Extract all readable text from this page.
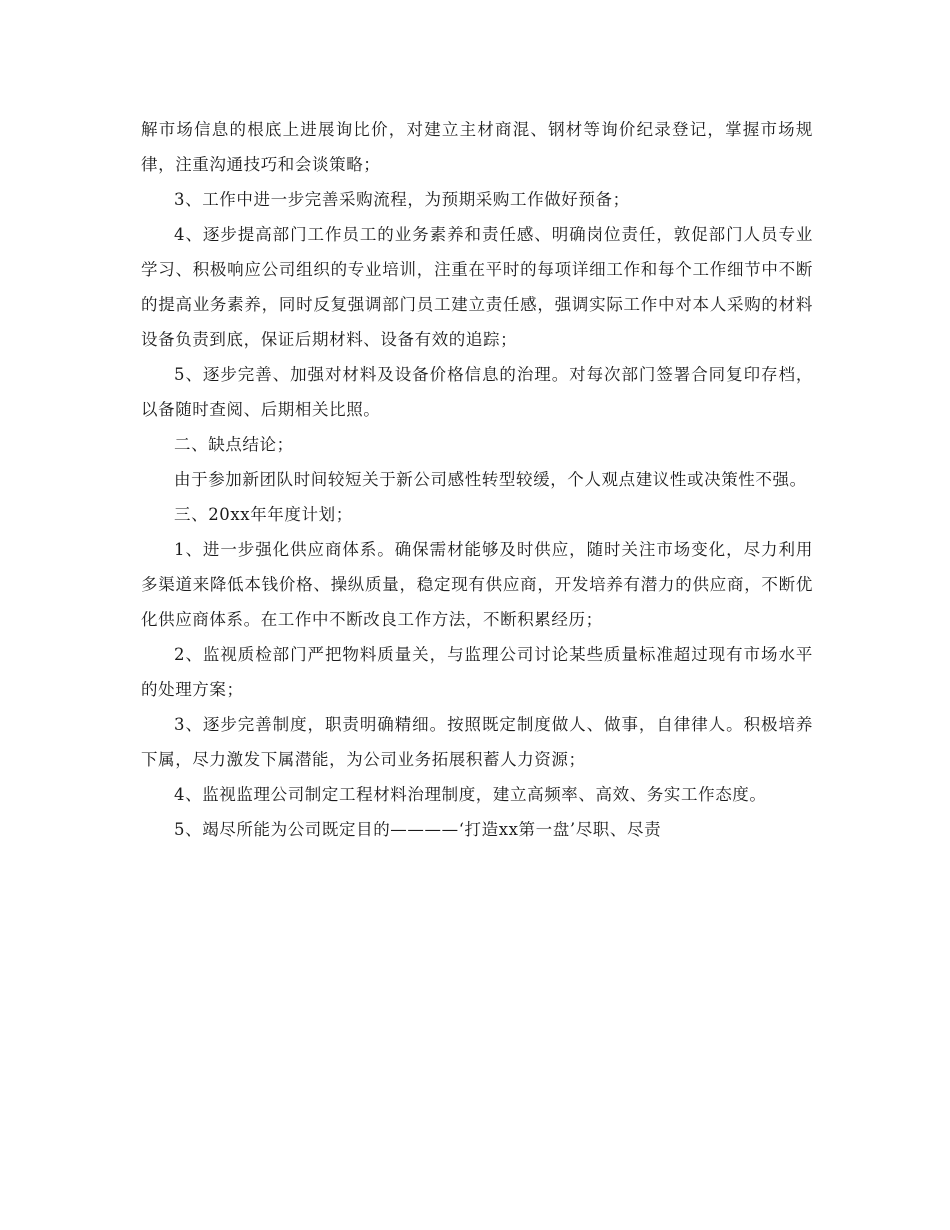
解市场信息的根底上进展询比价，对建立主材商混、钢材等询价纪录登记，掌握市场规律，注重沟通技巧和会谈策略；

3、工作中进一步完善采购流程，为预期采购工作做好预备；

4、逐步提高部门工作员工的业务素养和责任感、明确岗位责任，敦促部门人员专业学习、积极响应公司组织的专业培训，注重在平时的每项详细工作和每个工作细节中不断的提高业务素养，同时反复强调部门员工建立责任感，强调实际工作中对本人采购的材料设备负责到底，保证后期材料、设备有效的追踪；

5、逐步完善、加强对材料及设备价格信息的治理。对每次部门签署合同复印存档，以备随时查阅、后期相关比照。

二、缺点结论；

由于参加新团队时间较短关于新公司感性转型较缓，个人观点建议性或决策性不强。

三、20xx年年度计划；

1、进一步强化供应商体系。确保需材能够及时供应，随时关注市场变化，尽力利用多渠道来降低本钱价格、操纵质量，稳定现有供应商，开发培养有潜力的供应商，不断优化供应商体系。在工作中不断改良工作方法，不断积累经历；

2、监视质检部门严把物料质量关，与监理公司讨论某些质量标准超过现有市场水平的处理方案；

3、逐步完善制度，职责明确精细。按照既定制度做人、做事，自律律人。积极培养下属，尽力激发下属潜能，为公司业务拓展积蓄人力资源；

4、监视监理公司制定工程材料治理制度，建立高频率、高效、务实工作态度。

5、竭尽所能为公司既定目的————‘打造xx第一盘’尽职、尽责
